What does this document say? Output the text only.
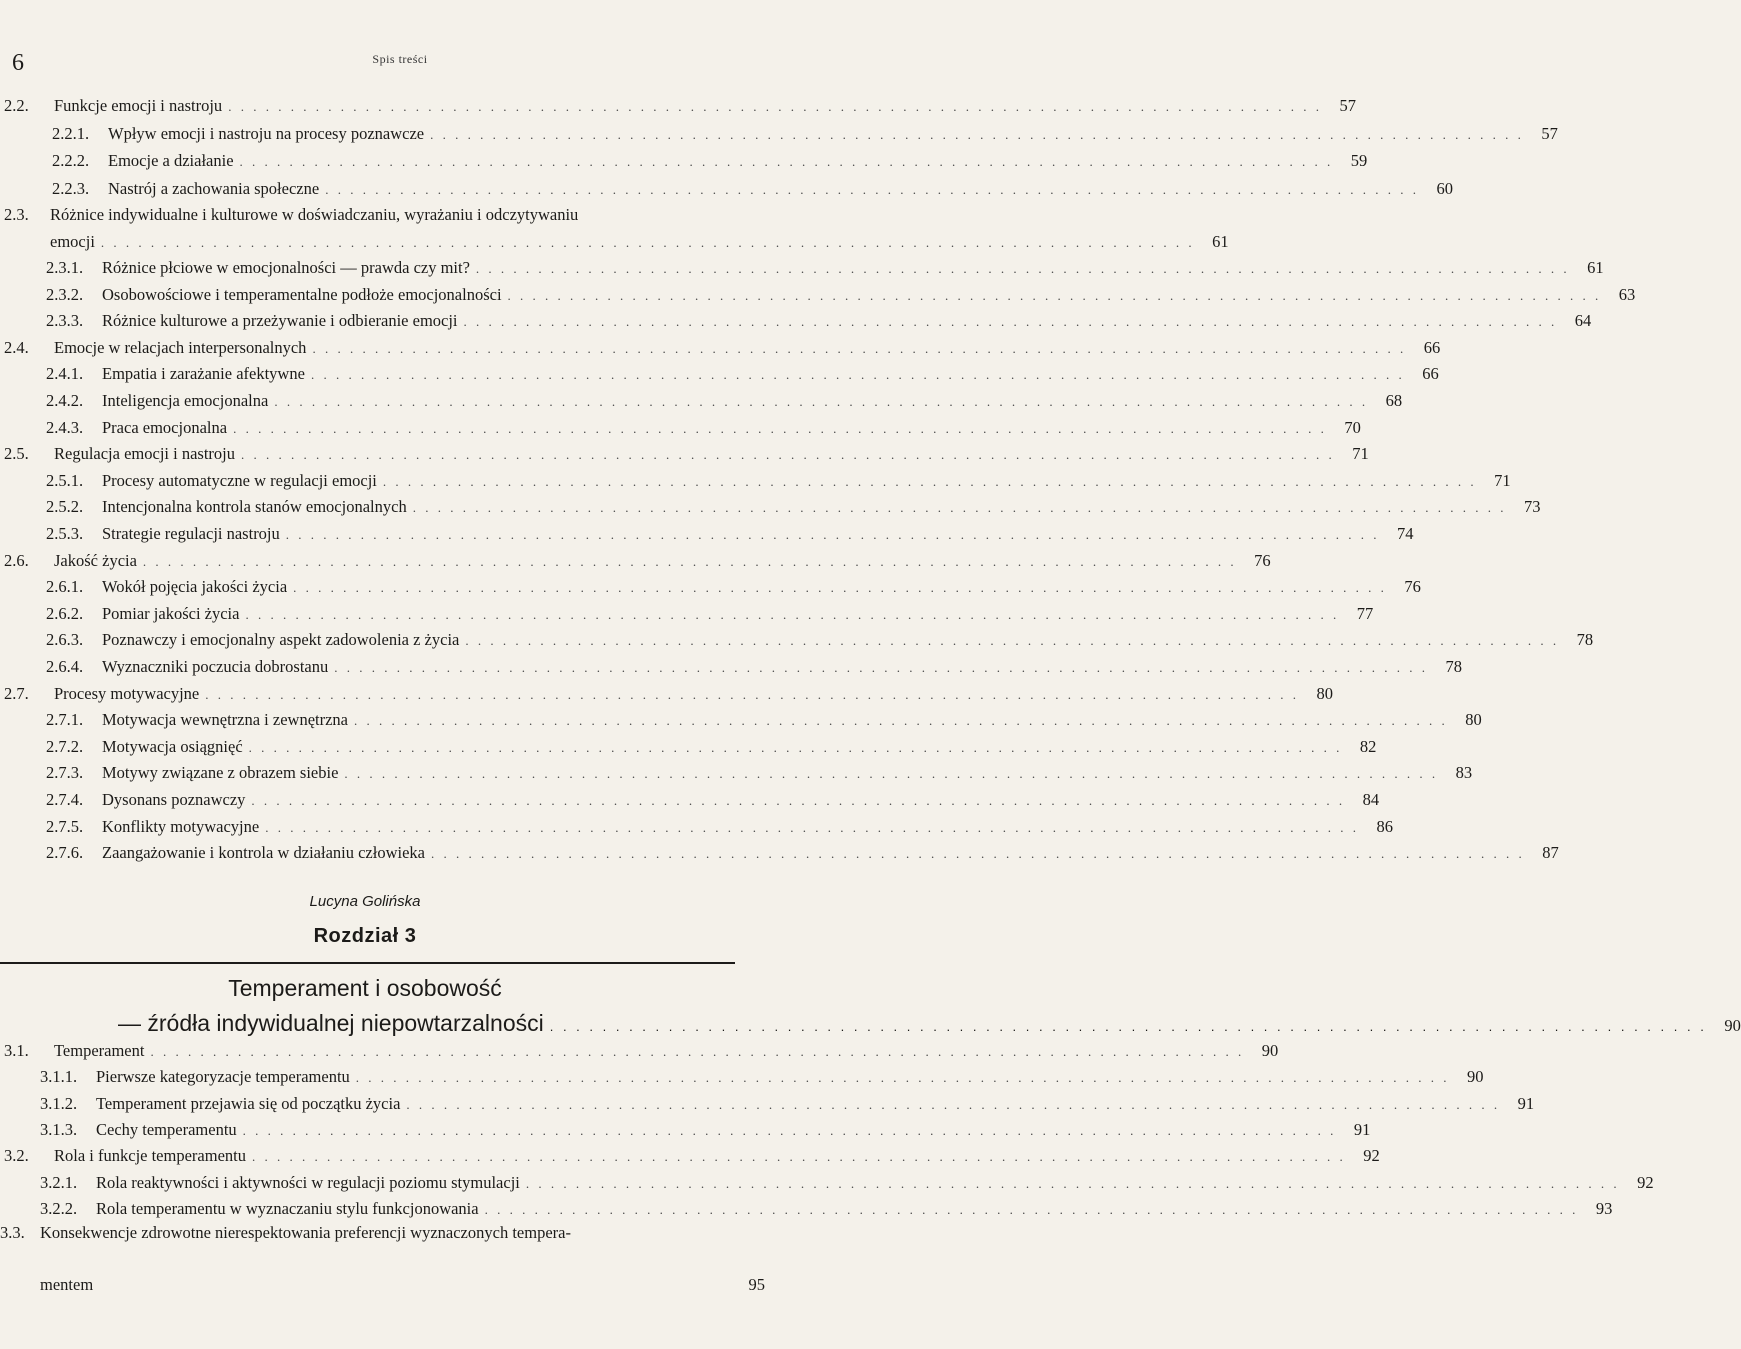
6	Spis treści
2.2.	Funkcje emocji i nastroju . . . . . . . . . . . . . . . . . . . . . . . . . . . . . . . . . . . . . . . . . . . . . . . . . . . . . . . . . . . . . . . . . . . . . . . . . . . . . . . . . . . . . . . .	57
2.2.1.	Wpływ emocji i nastroju na procesy poznawcze . . . . . . . . . . . . . . . . . . . . . . . . . . . . . . . . . . . . . . . . . . . . . . . . . . . . . . . . . . . . . . . . . . . . . . . . . . . . . . . . . . . . . . . .	57
2.2.2.	Emocje a działanie . . . . . . . . . . . . . . . . . . . . . . . . . . . . . . . . . . . . . . . . . . . . . . . . . . . . . . . . . . . . . . . . . . . . . . . . . . . . . . . . . . . . . . . .	59
2.2.3.	Nastrój a zachowania społeczne . . . . . . . . . . . . . . . . . . . . . . . . . . . . . . . . . . . . . . . . . . . . . . . . . . . . . . . . . . . . . . . . . . . . . . . . . . . . . . . . . . . . . . . .	60
2.3. Różnice indywidualne i kulturowe w doświadczaniu, wyrażaniu i odczytywaniu
emocji . . . . . . . . . . . . . . . . . . . . . . . . . . . . . . . . . . . . . . . . . . . . . . . . . . . . . . . . . . . . . . . . . . . . . . . . . . . . . . . . . . . . . . . .	61
2.3.1.	Różnice płciowe w emocjonalności — prawda czy mit? . . . . . . . . . . . . . . . . . . . . . . . . . . . . . . . . . . . . . . . . . . . . . . . . . . . . . . . . . . . . . . . . . . . . . . . . . . . . . . . . . . . . . . . .	61
2.3.2.	Osobowościowe i temperamentalne podłoże emocjonalności . . . . . . . . . . . . . . . . . . . . . . . . . . . . . . . . . . . . . . . . . . . . . . . . . . . . . . . . . . . . . . . . . . . . . . . . . . . . . . . . . . . . . . . .	63
2.3.3.	Różnice kulturowe a przeżywanie i odbieranie emocji . . . . . . . . . . . . . . . . . . . . . . . . . . . . . . . . . . . . . . . . . . . . . . . . . . . . . . . . . . . . . . . . . . . . . . . . . . . . . . . . . . . . . . . .	64
2.4.	Emocje w relacjach interpersonalnych . . . . . . . . . . . . . . . . . . . . . . . . . . . . . . . . . . . . . . . . . . . . . . . . . . . . . . . . . . . . . . . . . . . . . . . . . . . . . . . . . . . . . . . .	66
2.4.1.	Empatia i zarażanie afektywne . . . . . . . . . . . . . . . . . . . . . . . . . . . . . . . . . . . . . . . . . . . . . . . . . . . . . . . . . . . . . . . . . . . . . . . . . . . . . . . . . . . . . . . .	66
2.4.2.	Inteligencja emocjonalna . . . . . . . . . . . . . . . . . . . . . . . . . . . . . . . . . . . . . . . . . . . . . . . . . . . . . . . . . . . . . . . . . . . . . . . . . . . . . . . . . . . . . . . .	68
2.4.3.	Praca emocjonalna . . . . . . . . . . . . . . . . . . . . . . . . . . . . . . . . . . . . . . . . . . . . . . . . . . . . . . . . . . . . . . . . . . . . . . . . . . . . . . . . . . . . . . . .	70
2.5.	Regulacja emocji i nastroju . . . . . . . . . . . . . . . . . . . . . . . . . . . . . . . . . . . . . . . . . . . . . . . . . . . . . . . . . . . . . . . . . . . . . . . . . . . . . . . . . . . . . . . .	71
2.5.1.	Procesy automatyczne w regulacji emocji . . . . . . . . . . . . . . . . . . . . . . . . . . . . . . . . . . . . . . . . . . . . . . . . . . . . . . . . . . . . . . . . . . . . . . . . . . . . . . . . . . . . . . . .	71
2.5.2.	Intencjonalna kontrola stanów emocjonalnych . . . . . . . . . . . . . . . . . . . . . . . . . . . . . . . . . . . . . . . . . . . . . . . . . . . . . . . . . . . . . . . . . . . . . . . . . . . . . . . . . . . . . . . .	73
2.5.3.	Strategie regulacji nastroju . . . . . . . . . . . . . . . . . . . . . . . . . . . . . . . . . . . . . . . . . . . . . . . . . . . . . . . . . . . . . . . . . . . . . . . . . . . . . . . . . . . . . . . .	74
2.6.	Jakość życia . . . . . . . . . . . . . . . . . . . . . . . . . . . . . . . . . . . . . . . . . . . . . . . . . . . . . . . . . . . . . . . . . . . . . . . . . . . . . . . . . . . . . . . .	76
2.6.1.	Wokół pojęcia jakości życia . . . . . . . . . . . . . . . . . . . . . . . . . . . . . . . . . . . . . . . . . . . . . . . . . . . . . . . . . . . . . . . . . . . . . . . . . . . . . . . . . . . . . . . .	76
2.6.2.	Pomiar jakości życia . . . . . . . . . . . . . . . . . . . . . . . . . . . . . . . . . . . . . . . . . . . . . . . . . . . . . . . . . . . . . . . . . . . . . . . . . . . . . . . . . . . . . . . .	77
2.6.3.	Poznawczy i emocjonalny aspekt zadowolenia z życia . . . . . . . . . . . . . . . . . . . . . . . . . . . . . . . . . . . . . . . . . . . . . . . . . . . . . . . . . . . . . . . . . . . . . . . . . . . . . . . . . . . . . . . .	78
2.6.4.	Wyznaczniki poczucia dobrostanu . . . . . . . . . . . . . . . . . . . . . . . . . . . . . . . . . . . . . . . . . . . . . . . . . . . . . . . . . . . . . . . . . . . . . . . . . . . . . . . . . . . . . . . .	78
2.7.	Procesy motywacyjne . . . . . . . . . . . . . . . . . . . . . . . . . . . . . . . . . . . . . . . . . . . . . . . . . . . . . . . . . . . . . . . . . . . . . . . . . . . . . . . . . . . . . . . .	80
2.7.1.	Motywacja wewnętrzna i zewnętrzna . . . . . . . . . . . . . . . . . . . . . . . . . . . . . . . . . . . . . . . . . . . . . . . . . . . . . . . . . . . . . . . . . . . . . . . . . . . . . . . . . . . . . . . .	80
2.7.2.	Motywacja osiągnięć . . . . . . . . . . . . . . . . . . . . . . . . . . . . . . . . . . . . . . . . . . . . . . . . . . . . . . . . . . . . . . . . . . . . . . . . . . . . . . . . . . . . . . . .	82
2.7.3.	Motywy związane z obrazem siebie . . . . . . . . . . . . . . . . . . . . . . . . . . . . . . . . . . . . . . . . . . . . . . . . . . . . . . . . . . . . . . . . . . . . . . . . . . . . . . . . . . . . . . . .	83
2.7.4.	Dysonans poznawczy . . . . . . . . . . . . . . . . . . . . . . . . . . . . . . . . . . . . . . . . . . . . . . . . . . . . . . . . . . . . . . . . . . . . . . . . . . . . . . . . . . . . . . . .	84
2.7.5.	Konflikty motywacyjne . . . . . . . . . . . . . . . . . . . . . . . . . . . . . . . . . . . . . . . . . . . . . . . . . . . . . . . . . . . . . . . . . . . . . . . . . . . . . . . . . . . . . . . .	86
2.7.6.	Zaangażowanie i kontrola w działaniu człowieka . . . . . . . . . . . . . . . . . . . . . . . . . . . . . . . . . . . . . . . . . . . . . . . . . . . . . . . . . . . . . . . . . . . . . . . . . . . . . . . . . . . . . . . .	87
Lucyna Golińska
Rozdział 3
Temperament i osobowość
— źródła indywidualnej niepowtarzalności . . . . . . . . . . . . . . . . . . . . . . . . . . . . . . . . . . . . . . . . . . . . . . . . . . . . . . . . . . . . . . . . . . . . . . . . . . . . . . . . . . . . . . . .	90
3.1.	Temperament . . . . . . . . . . . . . . . . . . . . . . . . . . . . . . . . . . . . . . . . . . . . . . . . . . . . . . . . . . . . . . . . . . . . . . . . . . . . . . . . . . . . . . . .	90
3.1.1.	Pierwsze kategoryzacje temperamentu . . . . . . . . . . . . . . . . . . . . . . . . . . . . . . . . . . . . . . . . . . . . . . . . . . . . . . . . . . . . . . . . . . . . . . . . . . . . . . . . . . . . . . . .	90
3.1.2.	Temperament przejawia się od początku życia . . . . . . . . . . . . . . . . . . . . . . . . . . . . . . . . . . . . . . . . . . . . . . . . . . . . . . . . . . . . . . . . . . . . . . . . . . . . . . . . . . . . . . . .	91
3.1.3.	Cechy temperamentu . . . . . . . . . . . . . . . . . . . . . . . . . . . . . . . . . . . . . . . . . . . . . . . . . . . . . . . . . . . . . . . . . . . . . . . . . . . . . . . . . . . . . . . .	91
3.2.	Rola i funkcje temperamentu . . . . . . . . . . . . . . . . . . . . . . . . . . . . . . . . . . . . . . . . . . . . . . . . . . . . . . . . . . . . . . . . . . . . . . . . . . . . . . . . . . . . . . . .	92
3.2.1.	Rola reaktywności i aktywności w regulacji poziomu stymulacji . . . . . . . . . . . . . . . . . . . . . . . . . . . . . . . . . . . . . . . . . . . . . . . . . . . . . . . . . . . . . . . . . . . . . . . . . . . . . . . . . . . . . . . .	92
3.2.2.	Rola temperamentu w wyznaczaniu stylu funkcjonowania . . . . . . . . . . . . . . . . . . . . . . . . . . . . . . . . . . . . . . . . . . . . . . . . . . . . . . . . . . . . . . . . . . . . . . . . . . . . . . . . . . . . . . . .	93
3.3. Konsekwencje zdrowotne nierespektowania preferencji wyznaczonych tempera-
mentem	95
